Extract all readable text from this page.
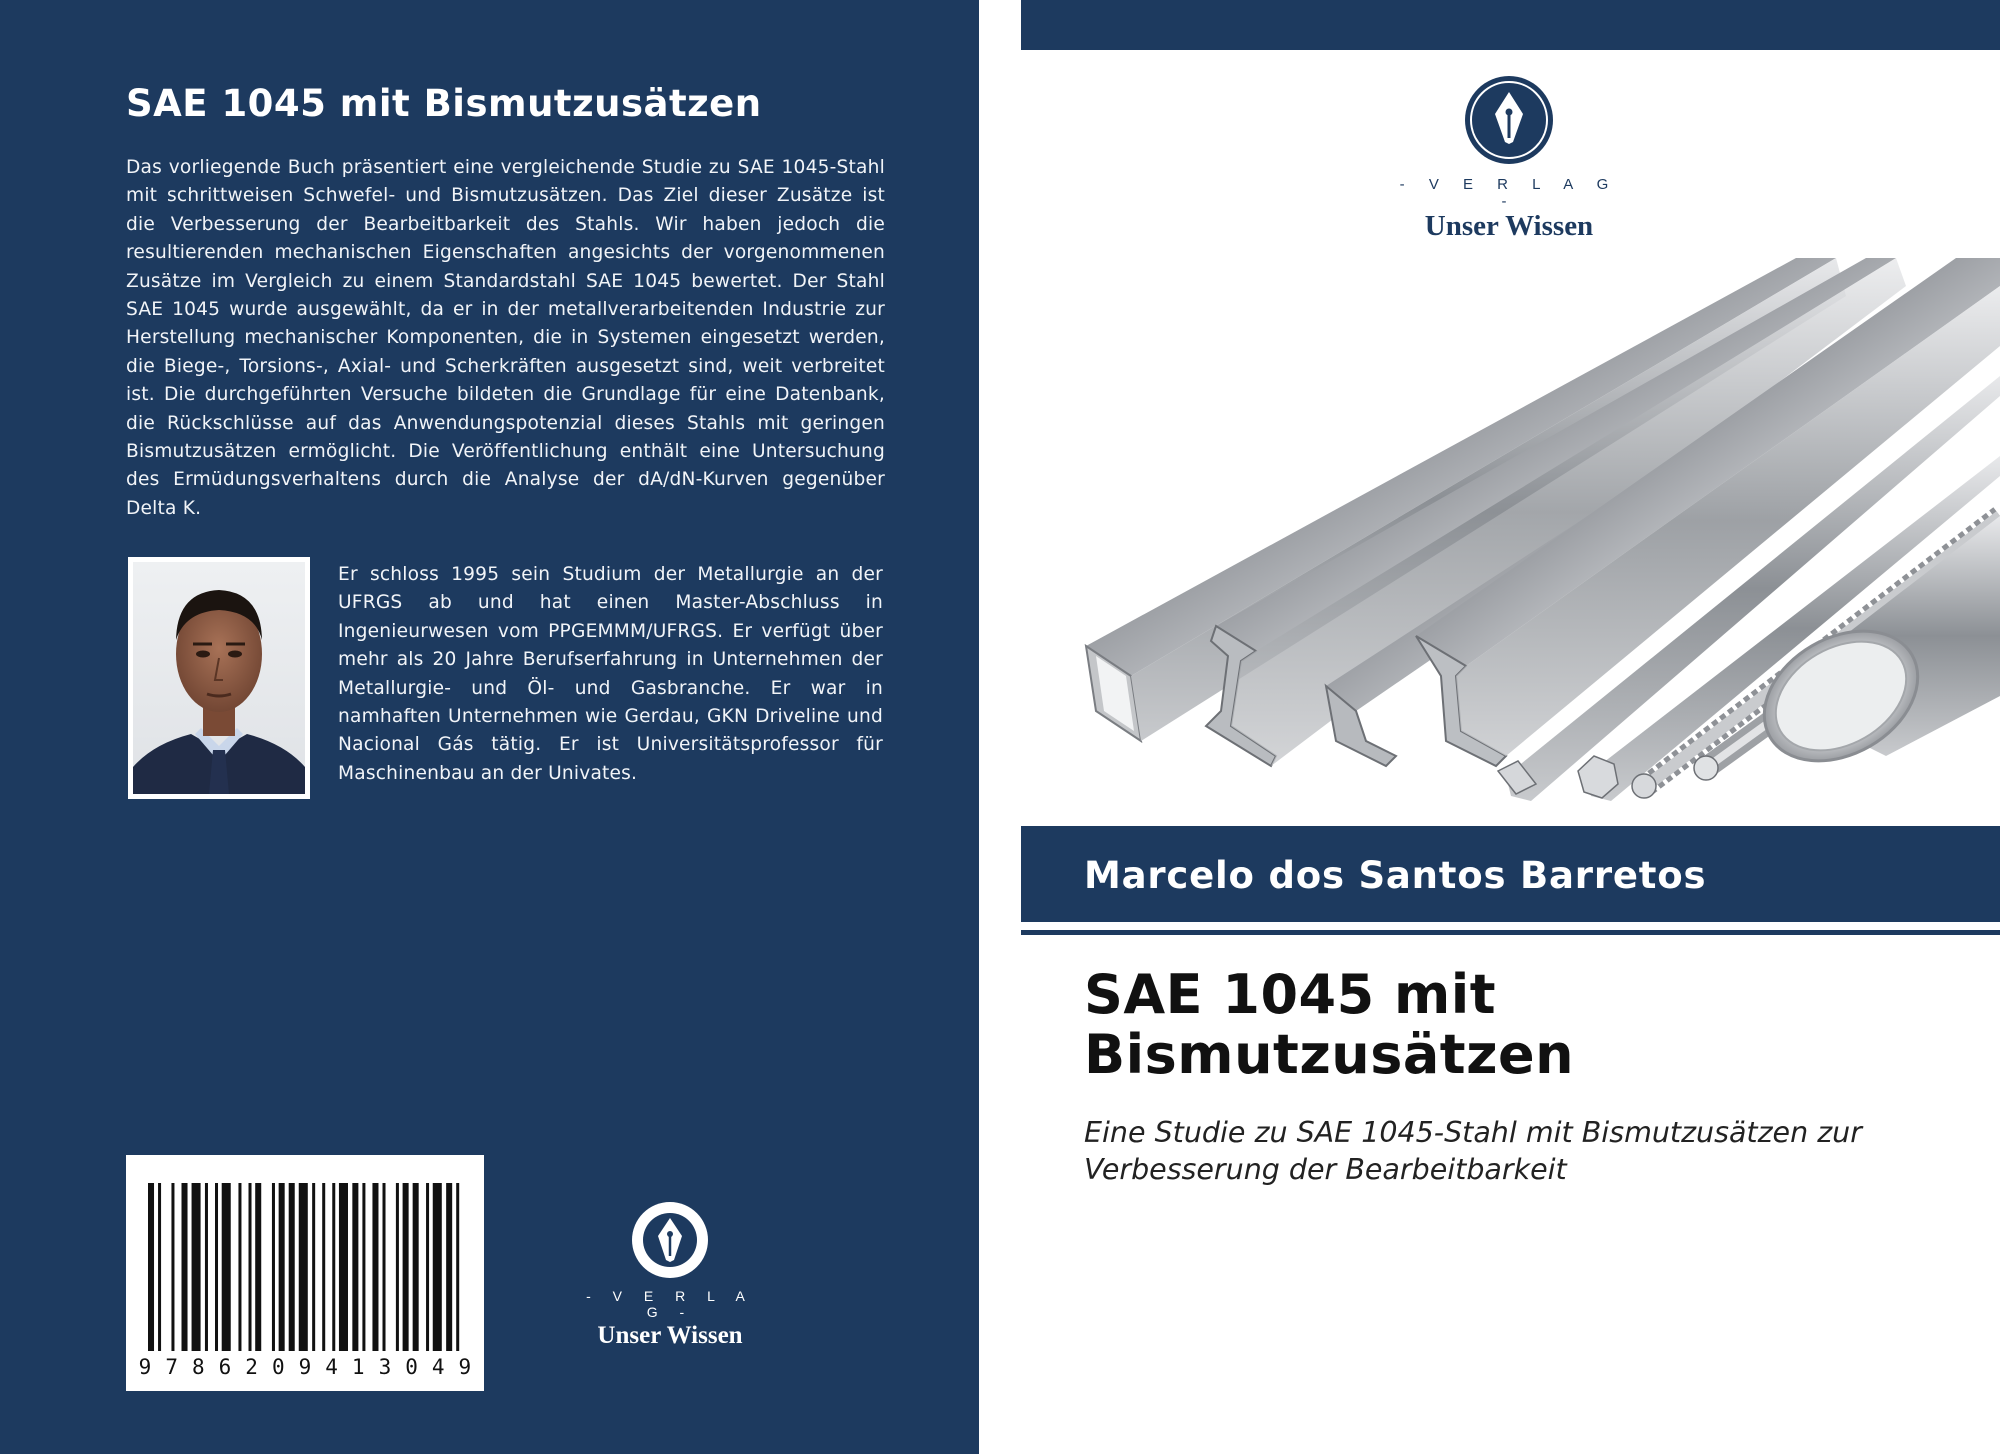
SAE 1045 mit Bismutzusätzen
Das vorliegende Buch präsentiert eine vergleichende Studie zu SAE 1045-Stahl mit schrittweisen Schwefel- und Bismutzusätzen. Das Ziel dieser Zusätze ist die Verbesserung der Bearbeitbarkeit des Stahls. Wir haben jedoch die resultierenden mechanischen Eigenschaften angesichts der vorgenommenen Zusätze im Vergleich zu einem Standardstahl SAE 1045 bewertet. Der Stahl SAE 1045 wurde ausgewählt, da er in der metallverarbeitenden Industrie zur Herstellung mechanischer Komponenten, die in Systemen eingesetzt werden, die Biege-, Torsions-, Axial- und Scherkräften ausgesetzt sind, weit verbreitet ist. Die durchgeführten Versuche bildeten die Grundlage für eine Datenbank, die Rückschlüsse auf das Anwendungspotenzial dieses Stahls mit geringen Bismutzusätzen ermöglicht. Die Veröffentlichung enthält eine Untersuchung des Ermüdungsverhaltens durch die Analyse der dA/dN-Kurven gegenüber Delta K.
Er schloss 1995 sein Studium der Metallurgie an der UFRGS ab und hat einen Master-Abschluss in Ingenieurwesen vom PPGEMMM/UFRGS. Er verfügt über mehr als 20 Jahre Berufserfahrung in Unternehmen der Metallurgie- und Öl- und Gasbranche. Er war in namhaften Unternehmen wie Gerdau, GKN Driveline und Nacional Gás tätig. Er ist Universitätsprofessor für Maschinenbau an der Univates.
9 7 8 6 2 0 9 4 1 3 0 4 9
- V E R L A G -
Unser Wissen
- V E R L A G -
Unser Wissen
Marcelo dos Santos Barretos
SAE 1045 mit Bismutzusätzen
Eine Studie zu SAE 1045-Stahl mit Bismutzusätzen zur Verbesserung der Bearbeitbarkeit
